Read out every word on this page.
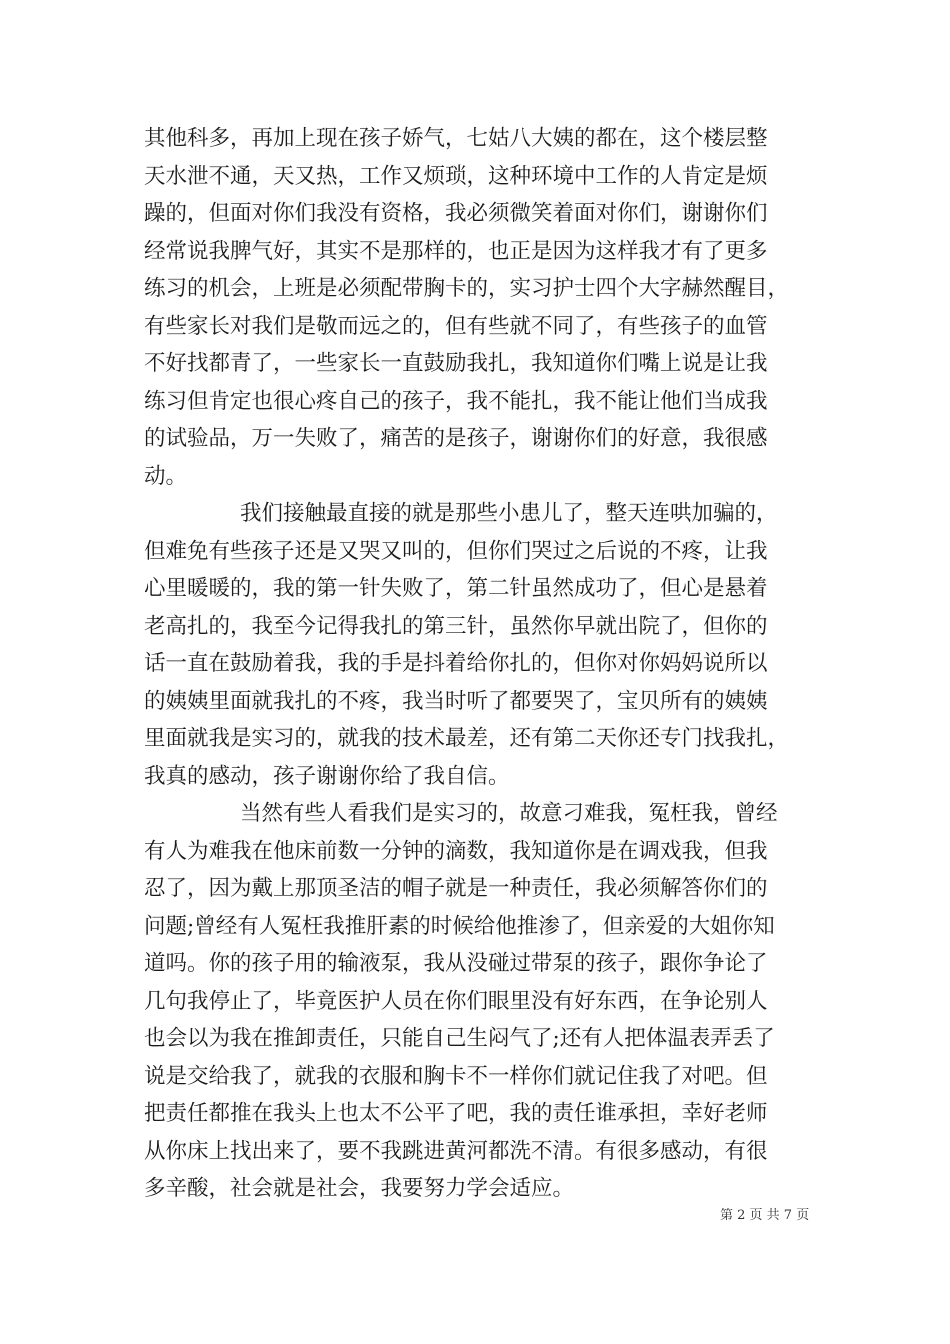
其他科多，再加上现在孩子娇气，七姑八大姨的都在，这个楼层整
天水泄不通，天又热，工作又烦琐，这种环境中工作的人肯定是烦
躁的，但面对你们我没有资格，我必须微笑着面对你们，谢谢你们
经常说我脾气好，其实不是那样的，也正是因为这样我才有了更多
练习的机会，上班是必须配带胸卡的，实习护士四个大字赫然醒目，
有些家长对我们是敬而远之的，但有些就不同了，有些孩子的血管
不好找都青了，一些家长一直鼓励我扎，我知道你们嘴上说是让我
练习但肯定也很心疼自己的孩子，我不能扎，我不能让他们当成我
的试验品，万一失败了，痛苦的是孩子，谢谢你们的好意，我很感
动。
我们接触最直接的就是那些小患儿了，整天连哄加骗的，
但难免有些孩子还是又哭又叫的，但你们哭过之后说的不疼，让我
心里暖暖的，我的第一针失败了，第二针虽然成功了，但心是悬着
老高扎的，我至今记得我扎的第三针，虽然你早就出院了，但你的
话一直在鼓励着我，我的手是抖着给你扎的，但你对你妈妈说所以
的姨姨里面就我扎的不疼，我当时听了都要哭了，宝贝所有的姨姨
里面就我是实习的，就我的技术最差，还有第二天你还专门找我扎，
我真的感动，孩子谢谢你给了我自信。
当然有些人看我们是实习的，故意刁难我，冤枉我，曾经
有人为难我在他床前数一分钟的滴数，我知道你是在调戏我，但我
忍了，因为戴上那顶圣洁的帽子就是一种责任，我必须解答你们的
问题;曾经有人冤枉我推肝素的时候给他推渗了，但亲爱的大姐你知
道吗。你的孩子用的输液泵，我从没碰过带泵的孩子，跟你争论了
几句我停止了，毕竟医护人员在你们眼里没有好东西，在争论别人
也会以为我在推卸责任，只能自己生闷气了;还有人把体温表弄丢了
说是交给我了，就我的衣服和胸卡不一样你们就记住我了对吧。但
把责任都推在我头上也太不公平了吧，我的责任谁承担，幸好老师
从你床上找出来了，要不我跳进黄河都洗不清。有很多感动，有很
多辛酸，社会就是社会，我要努力学会适应。
第 2 页 共 7 页
